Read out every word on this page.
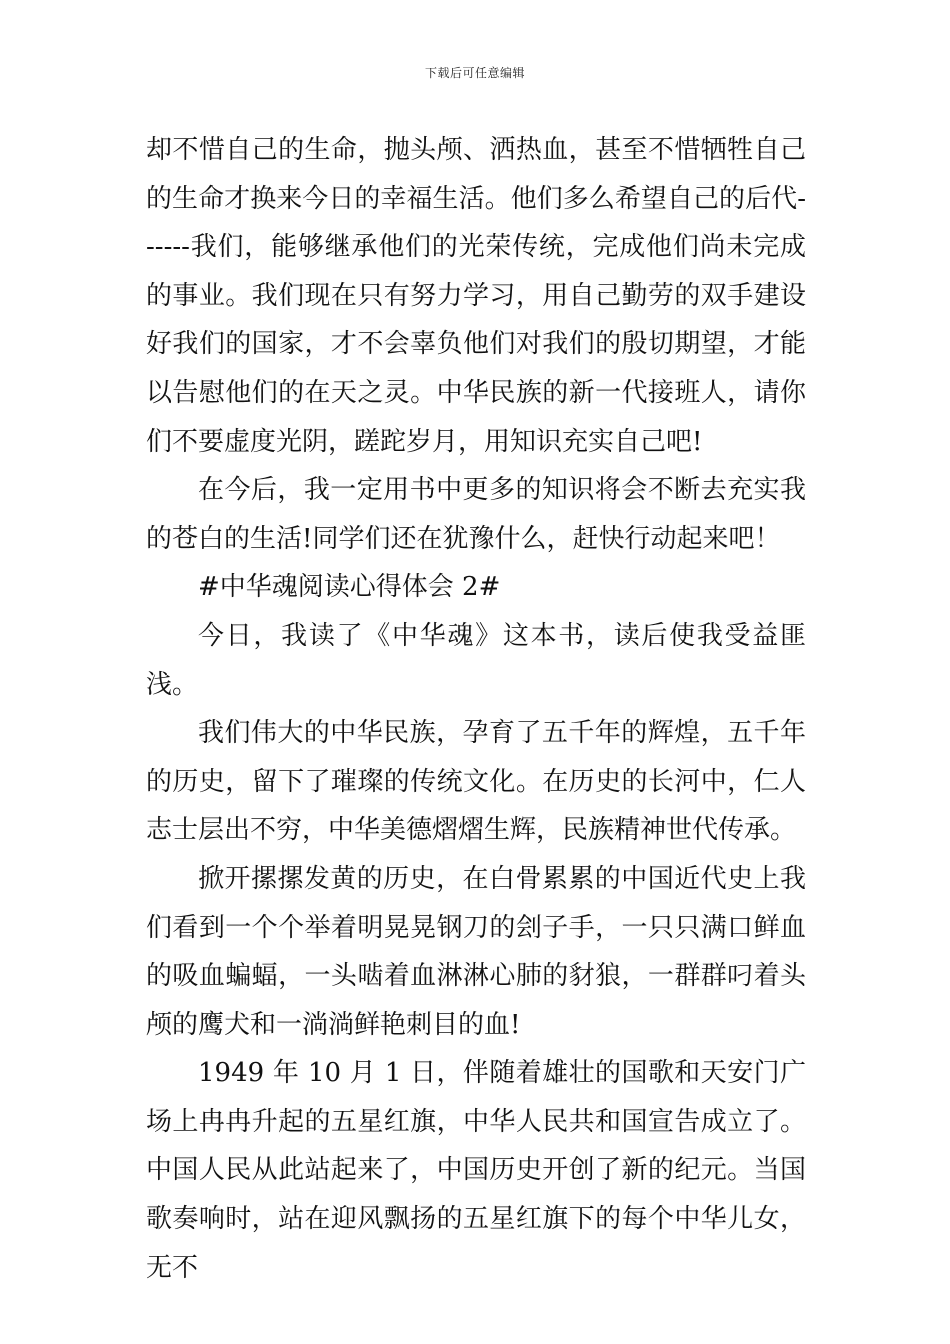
下载后可任意编辑

却不惜自己的生命，抛头颅、洒热血，甚至不惜牺牲自己的生命才换来今日的幸福生活。他们多么希望自己的后代------我们，能够继承他们的光荣传统，完成他们尚未完成的事业。我们现在只有努力学习，用自己勤劳的双手建设好我们的国家，才不会辜负他们对我们的殷切期望，才能以告慰他们的在天之灵。中华民族的新一代接班人，请你们不要虚度光阴，蹉跎岁月，用知识充实自己吧!

在今后，我一定用书中更多的知识将会不断去充实我的苍白的生活!同学们还在犹豫什么，赶快行动起来吧！

#中华魂阅读心得体会 2#

今日，我读了《中华魂》这本书，读后使我受益匪浅。

我们伟大的中华民族，孕育了五千年的辉煌，五千年的历史，留下了璀璨的传统文化。在历史的长河中，仁人志士层出不穷，中华美德熠熠生辉，民族精神世代传承。

掀开摞摞发黄的历史，在白骨累累的中国近代史上我们看到一个个举着明晃晃钢刀的刽子手，一只只满口鲜血的吸血蝙蝠，一头啮着血淋淋心肺的豺狼，一群群叼着头颅的鹰犬和一淌淌鲜艳刺目的血!

1949 年 10 月 1 日，伴随着雄壮的国歌和天安门广场上冉冉升起的五星红旗，中华人民共和国宣告成立了。中国人民从此站起来了，中国历史开创了新的纪元。当国歌奏响时，站在迎风飘扬的五星红旗下的每个中华儿女，无不
